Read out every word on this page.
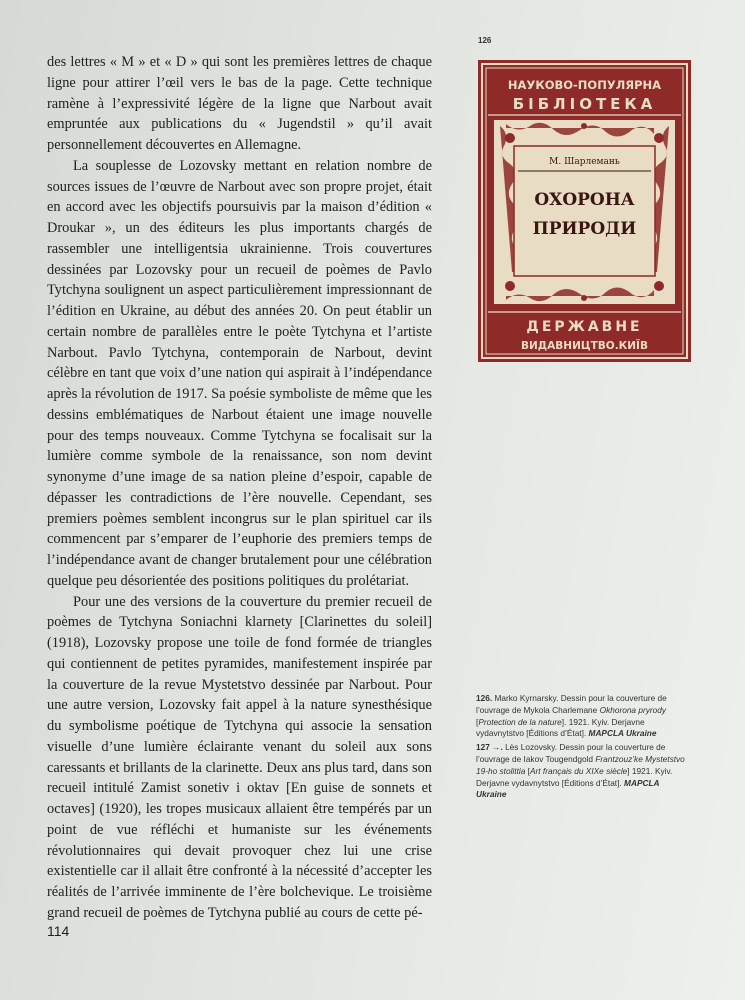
des lettres « M » et « D » qui sont les premières lettres de chaque ligne pour attirer l’œil vers le bas de la page. Cette technique ramène à l’expressivité légère de la ligne que Narbout avait empruntée aux publications du « Jugendstil » qu’il avait personnellement découvertes en Allemagne.

La souplesse de Lozovsky mettant en relation nombre de sources issues de l’œuvre de Narbout avec son propre projet, était en accord avec les objectifs poursuivis par la maison d’édition « Droukar », un des éditeurs les plus importants chargés de rassembler une intelligentsia ukrainienne. Trois couvertures dessinées par Lozovsky pour un recueil de poèmes de Pavlo Tytchyna soulignent un aspect particulièrement impressionnant de l’édition en Ukraine, au début des années 20. On peut établir un certain nombre de parallèles entre le poète Tytchyna et l’artiste Narbout. Pavlo Tytchyna, contemporain de Narbout, devint célèbre en tant que voix d’une nation qui aspirait à l’indépendance après la révolution de 1917. Sa poésie symboliste de même que les dessins emblématiques de Narbout étaient une image nouvelle pour des temps nouveaux. Comme Tytchyna se focalisait sur la lumière comme symbole de la renaissance, son nom devint synonyme d’une image de sa nation pleine d’espoir, capable de dépasser les contradictions de l’ère nouvelle. Cependant, ses premiers poèmes semblent incongrus sur le plan spirituel car ils commencent par s’emparer de l’euphorie des premiers temps de l’indépendance avant de changer brutalement pour une célébration quelque peu désorientée des positions politiques du prolétariat.

Pour une des versions de la couverture du premier recueil de poèmes de Tytchyna Soniachni klarnety [Clarinettes du soleil] (1918), Lozovsky propose une toile de fond formée de triangles qui contiennent de petites pyramides, manifestement inspirée par la couverture de la revue Mystetstvo dessinée par Narbout. Pour une autre version, Lozovsky fait appel à la nature synesthésique du symbolisme poétique de Tytchyna qui associe la sensation visuelle d’une lumière éclairante venant du soleil aux sons caressants et brillants de la clarinette. Deux ans plus tard, dans son recueil intitulé Zamist sonetiv i oktav [En guise de sonnets et octaves] (1920), les tropes musicaux allaient être tempérés par un point de vue réfléchi et humaniste sur les événements révolutionnaires qui devait provoquer chez lui une crise existentielle car il allait être confronté à la nécessité d’accepter les réalités de l’arrivée imminente de l’ère bolchevique. Le troisième grand recueil de poèmes de Tytchyna publié au cours de cette pé-

114
126
НАУКОВО-ПОПУЛЯРНА
БІБЛІОТЕКА
М. Шарлемань
ОХОРОНА
ПРИРОДИ
ДЕРЖАВНЕ
ВИДАВНИЦТВО.КИЇВ

126. Marko Kyrnarsky. Dessin pour la couverture de l’ouvrage de Mykola Charlemane Okhorona pryrody [Protection de la nature]. 1921. Kyiv. Derjavne vydavnytstvo [Éditions d’État]. MAPCLA Ukraine

127 →. Lès Lozovsky. Dessin pour la couverture de l’ouvrage de Iakov Tougendgold Frantzouz’ke Mystetstvo 19-ho stolittia [Art français du XIXe siècle] 1921. Kyiv. Derjavne vydavnytstvo [Éditions d’État]. MAPCLA Ukraine
